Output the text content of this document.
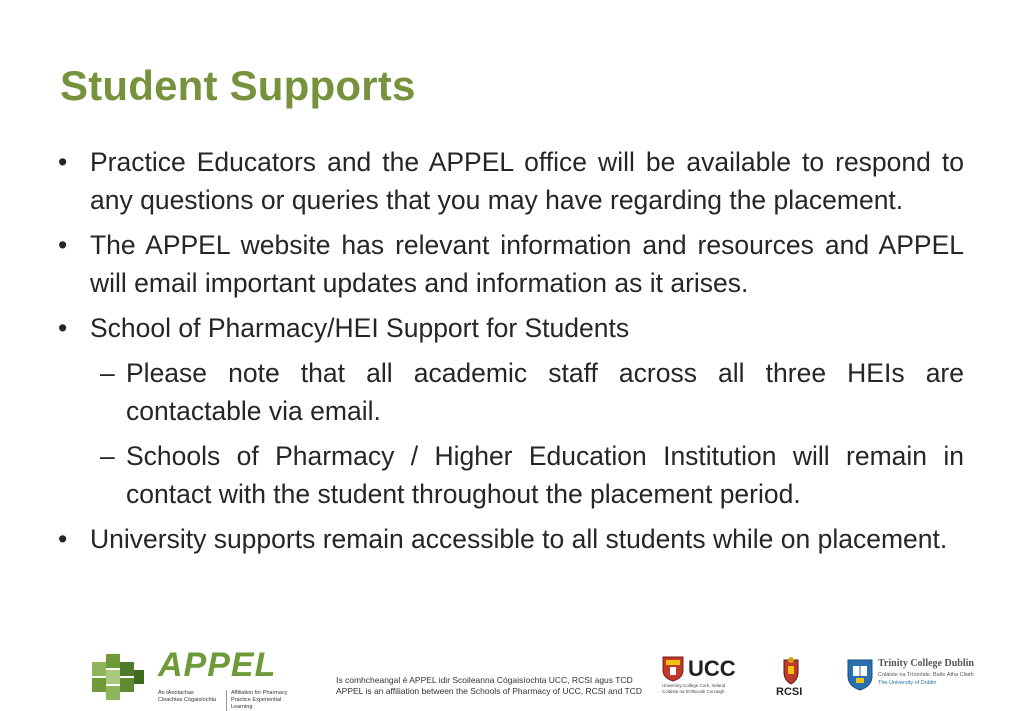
Student Supports
• Practice Educators and the APPEL office will be available to respond to any questions or queries that you may have regarding the placement.
• The APPEL website has relevant information and resources and APPEL will email important updates and information as it arises.
• School of Pharmacy/HEI Support for Students
– Please note that all academic staff across all three HEIs are contactable via email.
– Schools of Pharmacy / Higher Education Institution will remain in contact with the student throughout the placement period.
• University supports remain accessible to all students while on placement.
APPEL
An tAontachas Cleachtas Cógaisíochta
Affiliation for Pharmacy Practice Experiential Learning
Is comhcheangal é APPEL idir Scoileanna Cógaisíochta UCC, RCSI agus TCD
APPEL is an affiliation between the Schools of Pharmacy of UCC, RCSI and TCD
UCC
University College Cork, Ireland
Coláiste na hOllscoile Corcaigh	RCSI
Trinity College Dublin
Coláiste na Tríonóide, Baile Átha Cliath
The University of Dublin
